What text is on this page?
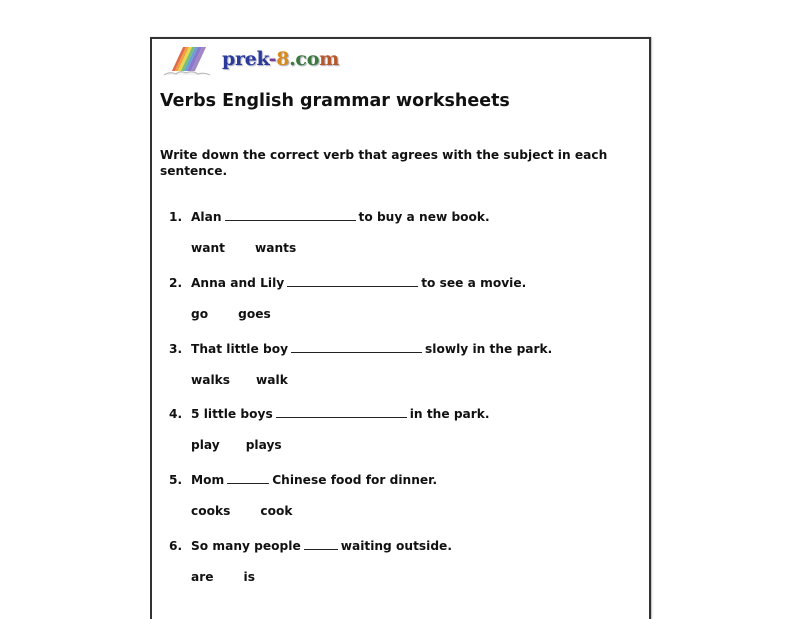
prek-8.com
Verbs English grammar worksheets
Write down the correct verb that agrees with the subject in each sentence.
1. Alan	to buy a new book.
want wants
2. Anna and Lily	to see a movie.
go goes
3. That little boy	slowly in the park.
walks walk
4. 5 little boys	in the park.
play plays
5. Mom	Chinese food for dinner.
cooks cook
6. So many people	waiting outside.
are is
